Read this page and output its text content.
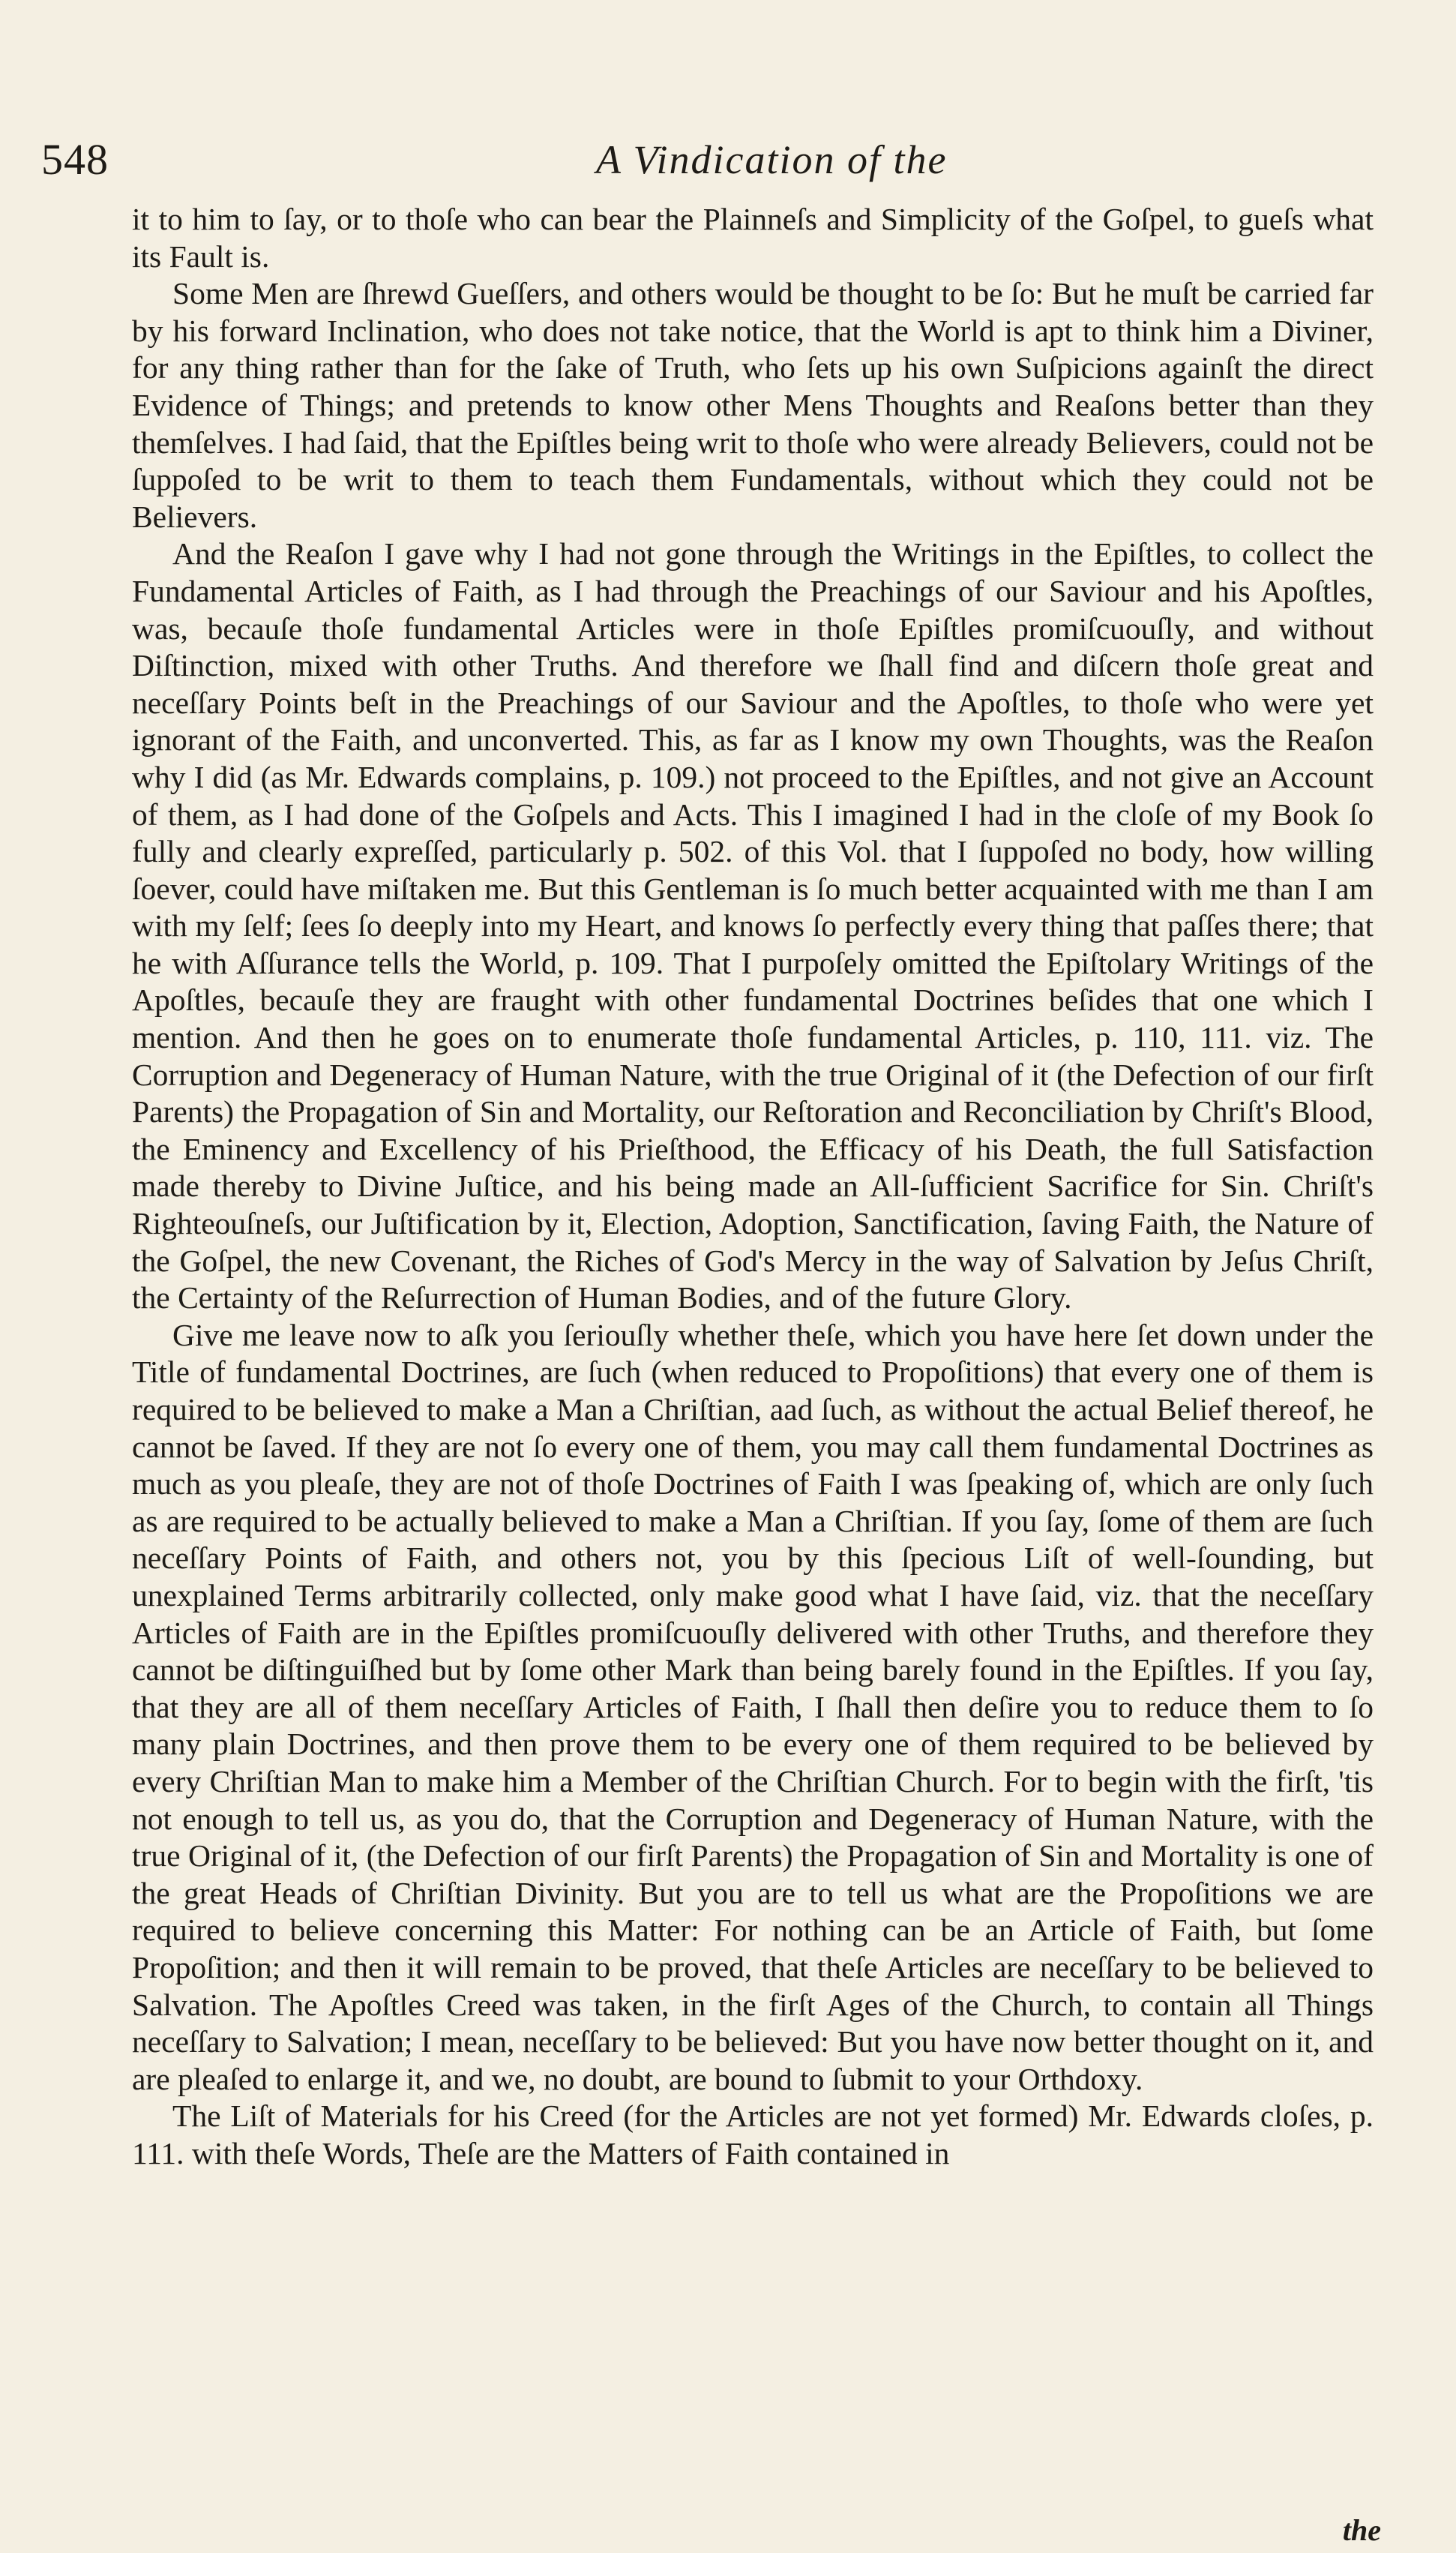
548	A Vindication of the

it to him to ſay, or to thoſe who can bear the Plainneſs and Simplicity of the Goſpel, to gueſs what its Fault is.

Some Men are ſhrewd Gueſſers, and others would be thought to be ſo: But he muſt be carried far by his forward Inclination, who does not take notice, that the World is apt to think him a Diviner, for any thing rather than for the ſake of Truth, who ſets up his own Suſpicions againſt the direct Evidence of Things; and pretends to know other Mens Thoughts and Reaſons better than they themſelves. I had ſaid, that the Epiſtles being writ to thoſe who were already Believers, could not be ſuppoſed to be writ to them to teach them Fundamentals, without which they could not be Believers.

And the Reaſon I gave why I had not gone through the Writings in the Epiſtles, to collect the Fundamental Articles of Faith, as I had through the Preachings of our Saviour and his Apoſtles, was, becauſe thoſe fundamental Articles were in thoſe Epiſtles promiſcuouſly, and without Diſtinction, mixed with other Truths. And therefore we ſhall find and diſcern thoſe great and neceſſary Points beſt in the Preachings of our Saviour and the Apoſtles, to thoſe who were yet ignorant of the Faith, and unconverted. This, as far as I know my own Thoughts, was the Reaſon why I did (as Mr. Edwards complains, p. 109.) not proceed to the Epiſtles, and not give an Account of them, as I had done of the Goſpels and Acts. This I imagined I had in the cloſe of my Book ſo fully and clearly expreſſed, particularly p. 502. of this Vol. that I ſuppoſed no body, how willing ſoever, could have miſtaken me. But this Gentleman is ſo much better acquainted with me than I am with my ſelf; ſees ſo deeply into my Heart, and knows ſo perfectly every thing that paſſes there; that he with Aſſurance tells the World, p. 109. That I purpoſely omitted the Epiſtolary Writings of the Apoſtles, becauſe they are fraught with other fundamental Doctrines beſides that one which I mention. And then he goes on to enumerate thoſe fundamental Articles, p. 110, 111. viz. The Corruption and Degeneracy of Human Nature, with the true Original of it (the Defection of our firſt Parents) the Propagation of Sin and Mortality, our Reſtoration and Reconciliation by Chriſt's Blood, the Eminency and Excellency of his Prieſthood, the Efficacy of his Death, the full Satisfaction made thereby to Divine Juſtice, and his being made an All-ſufficient Sacrifice for Sin. Chriſt's Righteouſneſs, our Juſtification by it, Election, Adoption, Sanctification, ſaving Faith, the Nature of the Goſpel, the new Covenant, the Riches of God's Mercy in the way of Salvation by Jeſus Chriſt, the Certainty of the Reſurrection of Human Bodies, and of the future Glory.

Give me leave now to aſk you ſeriouſly whether theſe, which you have here ſet down under the Title of fundamental Doctrines, are ſuch (when reduced to Propoſitions) that every one of them is required to be believed to make a Man a Chriſtian, aad ſuch, as without the actual Belief thereof, he cannot be ſaved. If they are not ſo every one of them, you may call them fundamental Doctrines as much as you pleaſe, they are not of thoſe Doctrines of Faith I was ſpeaking of, which are only ſuch as are required to be actually believed to make a Man a Chriſtian. If you ſay, ſome of them are ſuch neceſſary Points of Faith, and others not, you by this ſpecious Liſt of well-ſounding, but unexplained Terms arbitrarily collected, only make good what I have ſaid, viz. that the neceſſary Articles of Faith are in the Epiſtles promiſcuouſly delivered with other Truths, and therefore they cannot be diſtinguiſhed but by ſome other Mark than being barely found in the Epiſtles. If you ſay, that they are all of them neceſſary Articles of Faith, I ſhall then deſire you to reduce them to ſo many plain Doctrines, and then prove them to be every one of them required to be believed by every Chriſtian Man to make him a Member of the Chriſtian Church. For to begin with the firſt, 'tis not enough to tell us, as you do, that the Corruption and Degeneracy of Human Nature, with the true Original of it, (the Defection of our firſt Parents) the Propagation of Sin and Mortality is one of the great Heads of Chriſtian Divinity. But you are to tell us what are the Propoſitions we are required to believe concerning this Matter: For nothing can be an Article of Faith, but ſome Propoſition; and then it will remain to be proved, that theſe Articles are neceſſary to be believed to Salvation. The Apoſtles Creed was taken, in the firſt Ages of the Church, to contain all Things neceſſary to Salvation; I mean, neceſſary to be believed: But you have now better thought on it, and are pleaſed to enlarge it, and we, no doubt, are bound to ſubmit to your Orthdoxy.

The Liſt of Materials for his Creed (for the Articles are not yet formed) Mr. Edwards cloſes, p. 111. with theſe Words, Theſe are the Matters of Faith contained in

the
